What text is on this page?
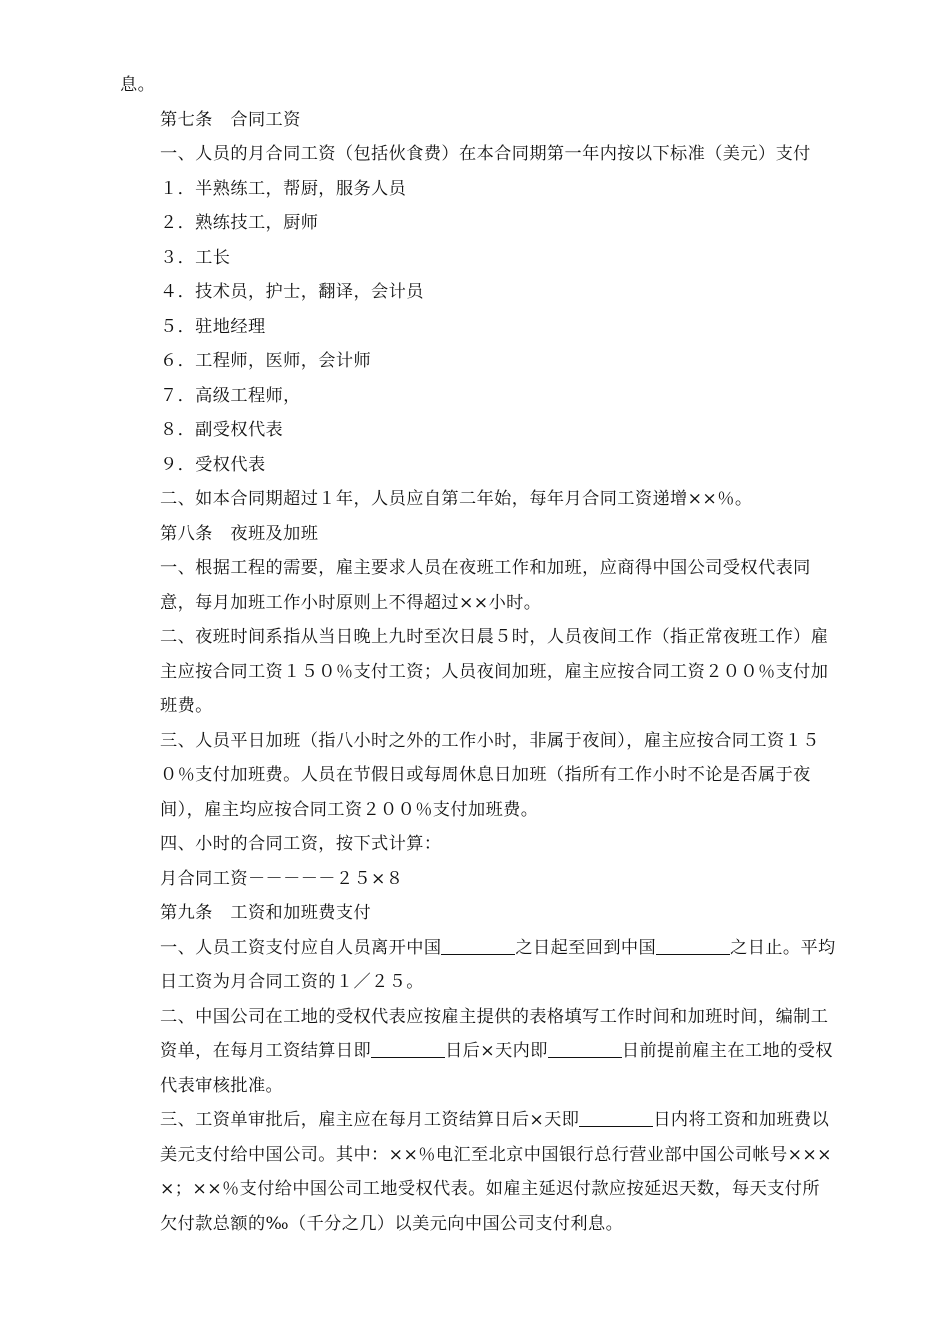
息。

第七条　合同工资

一、人员的月合同工资（包括伙食费）在本合同期第一年内按以下标准（美元）支付

１．半熟练工，帮厨，服务人员

２．熟练技工，厨师

３．工长

４．技术员，护士，翻译，会计员

５．驻地经理

６．工程师，医师，会计师

７．高级工程师，

８．副受权代表

９．受权代表

二、如本合同期超过１年，人员应自第二年始，每年月合同工资递增××％。

第八条　夜班及加班

一、根据工程的需要，雇主要求人员在夜班工作和加班，应商得中国公司受权代表同意，每月加班工作小时原则上不得超过××小时。

二、夜班时间系指从当日晚上九时至次日晨５时，人员夜间工作（指正常夜班工作）雇主应按合同工资１５０％支付工资；人员夜间加班，雇主应按合同工资２００％支付加班费。

三、人员平日加班（指八小时之外的工作小时，非属于夜间），雇主应按合同工资１５０％支付加班费。人员在节假日或每周休息日加班（指所有工作小时不论是否属于夜间），雇主均应按合同工资２００％支付加班费。

四、小时的合同工资，按下式计算：

月合同工资－－－－－２５×８

第九条　工资和加班费支付

一、人员工资支付应自人员离开中国	之日起至回到中国	之日止。平均日工资为月合同工资的１／２５。

二、中国公司在工地的受权代表应按雇主提供的表格填写工作时间和加班时间，编制工资单，在每月工资结算日即	日后×天内即	日前提前雇主在工地的受权代表审核批准。

三、工资单审批后，雇主应在每月工资结算日后×天即	日内将工资和加班费以美元支付给中国公司。其中：××％电汇至北京中国银行总行营业部中国公司帐号××××；××％支付给中国公司工地受权代表。如雇主延迟付款应按延迟天数，每天支付所欠付款总额的‰（千分之几）以美元向中国公司支付利息。
